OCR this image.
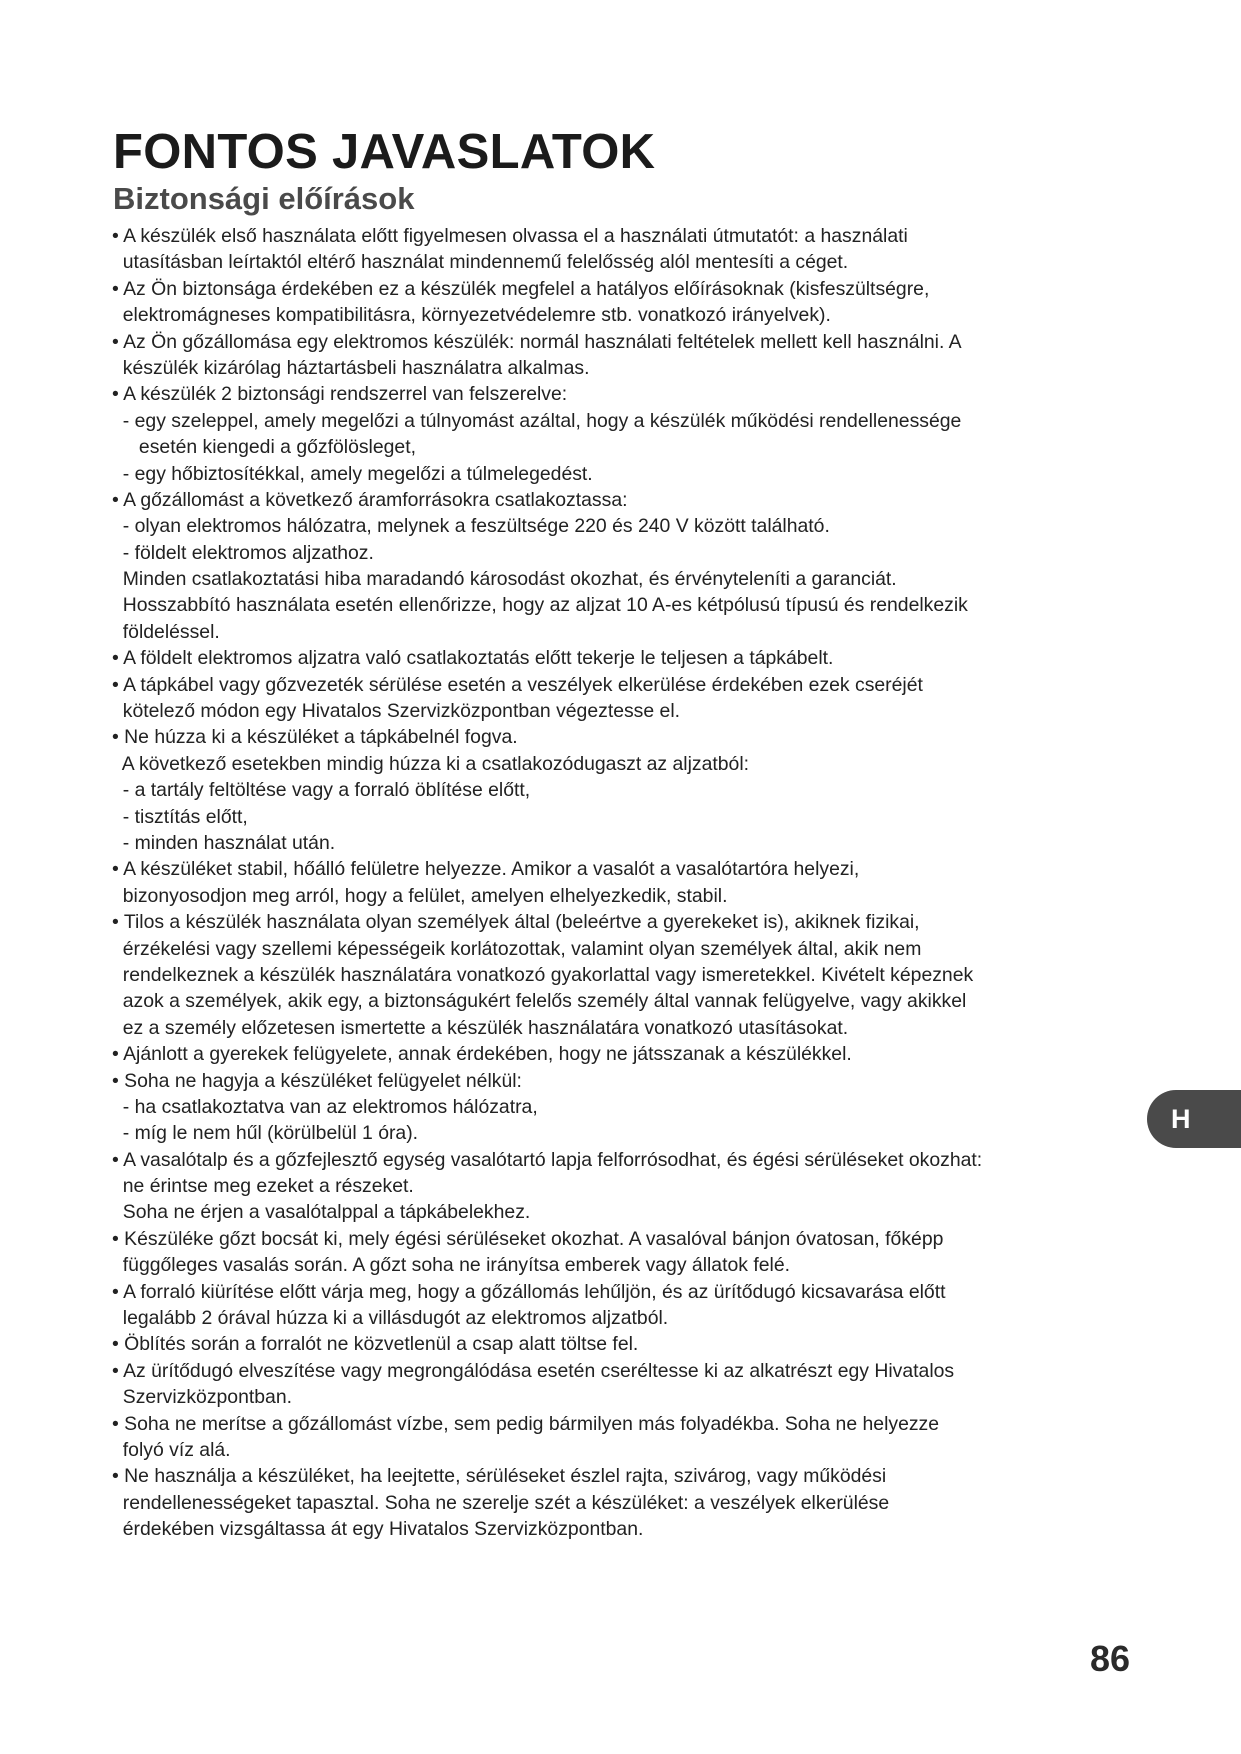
FONTOS JAVASLATOK
Biztonsági előírások
• A készülék első használata előtt figyelmesen olvassa el a használati útmutatót: a használati
utasításban leírtaktól eltérő használat mindennemű felelősség alól mentesíti a céget.
• Az Ön biztonsága érdekében ez a készülék megfelel a hatályos előírásoknak (kisfeszültségre,
elektromágneses kompatibilitásra, környezetvédelemre stb. vonatkozó irányelvek).
• Az Ön gőzállomása egy elektromos készülék: normál használati feltételek mellett kell használni. A
készülék kizárólag háztartásbeli használatra alkalmas.
• A készülék 2 biztonsági rendszerrel van felszerelve:
- egy szeleppel, amely megelőzi a túlnyomást azáltal, hogy a készülék működési rendellenessége
esetén kiengedi a gőzfölösleget,
- egy hőbiztosítékkal, amely megelőzi a túlmelegedést.
• A gőzállomást a következő áramforrásokra csatlakoztassa:
- olyan elektromos hálózatra, melynek a feszültsége 220 és 240 V között található.
- földelt elektromos aljzathoz.
Minden csatlakoztatási hiba maradandó károsodást okozhat, és érvényteleníti a garanciát.
Hosszabbító használata esetén ellenőrizze, hogy az aljzat 10 A-es kétpólusú típusú és rendelkezik
földeléssel.
• A földelt elektromos aljzatra való csatlakoztatás előtt tekerje le teljesen a tápkábelt.
• A tápkábel vagy gőzvezeték sérülése esetén a veszélyek elkerülése érdekében ezek cseréjét
kötelező módon egy Hivatalos Szervizközpontban végeztesse el.
• Ne húzza ki a készüléket a tápkábelnél fogva.
A következő esetekben mindig húzza ki a csatlakozódugaszt az aljzatból:
- a tartály feltöltése vagy a forraló öblítése előtt,
- tisztítás előtt,
- minden használat után.
• A készüléket stabil, hőálló felületre helyezze. Amikor a vasalót a vasalótartóra helyezi,
bizonyosodjon meg arról, hogy a felület, amelyen elhelyezkedik, stabil.
• Tilos a készülék használata olyan személyek által (beleértve a gyerekeket is), akiknek fizikai,
érzékelési vagy szellemi képességeik korlátozottak, valamint olyan személyek által, akik nem
rendelkeznek a készülék használatára vonatkozó gyakorlattal vagy ismeretekkel. Kivételt képeznek
azok a személyek, akik egy, a biztonságukért felelős személy által vannak felügyelve, vagy akikkel
ez a személy előzetesen ismertette a készülék használatára vonatkozó utasításokat.
• Ajánlott a gyerekek felügyelete, annak érdekében, hogy ne játsszanak a készülékkel.
• Soha ne hagyja a készüléket felügyelet nélkül:
- ha csatlakoztatva van az elektromos hálózatra,
- míg le nem hűl (körülbelül 1 óra).
• A vasalótalp és a gőzfejlesztő egység vasalótartó lapja felforrósodhat, és égési sérüléseket okozhat:
ne érintse meg ezeket a részeket.
Soha ne érjen a vasalótalppal a tápkábelekhez.
• Készüléke gőzt bocsát ki, mely égési sérüléseket okozhat. A vasalóval bánjon óvatosan, főképp
függőleges vasalás során. A gőzt soha ne irányítsa emberek vagy állatok felé.
• A forraló kiürítése előtt várja meg, hogy a gőzállomás lehűljön, és az ürítődugó kicsavarása előtt
legalább 2 órával húzza ki a villásdugót az elektromos aljzatból.
• Öblítés során a forralót ne közvetlenül a csap alatt töltse fel.
• Az ürítődugó elveszítése vagy megrongálódása esetén cseréltesse ki az alkatrészt egy Hivatalos
Szervizközpontban.
• Soha ne merítse a gőzállomást vízbe, sem pedig bármilyen más folyadékba. Soha ne helyezze
folyó víz alá.
• Ne használja a készüléket, ha leejtette, sérüléseket észlel rajta, szivárog, vagy működési
rendellenességeket tapasztal. Soha ne szerelje szét a készüléket: a veszélyek elkerülése
érdekében vizsgáltassa át egy Hivatalos Szervizközpontban.
H
86
